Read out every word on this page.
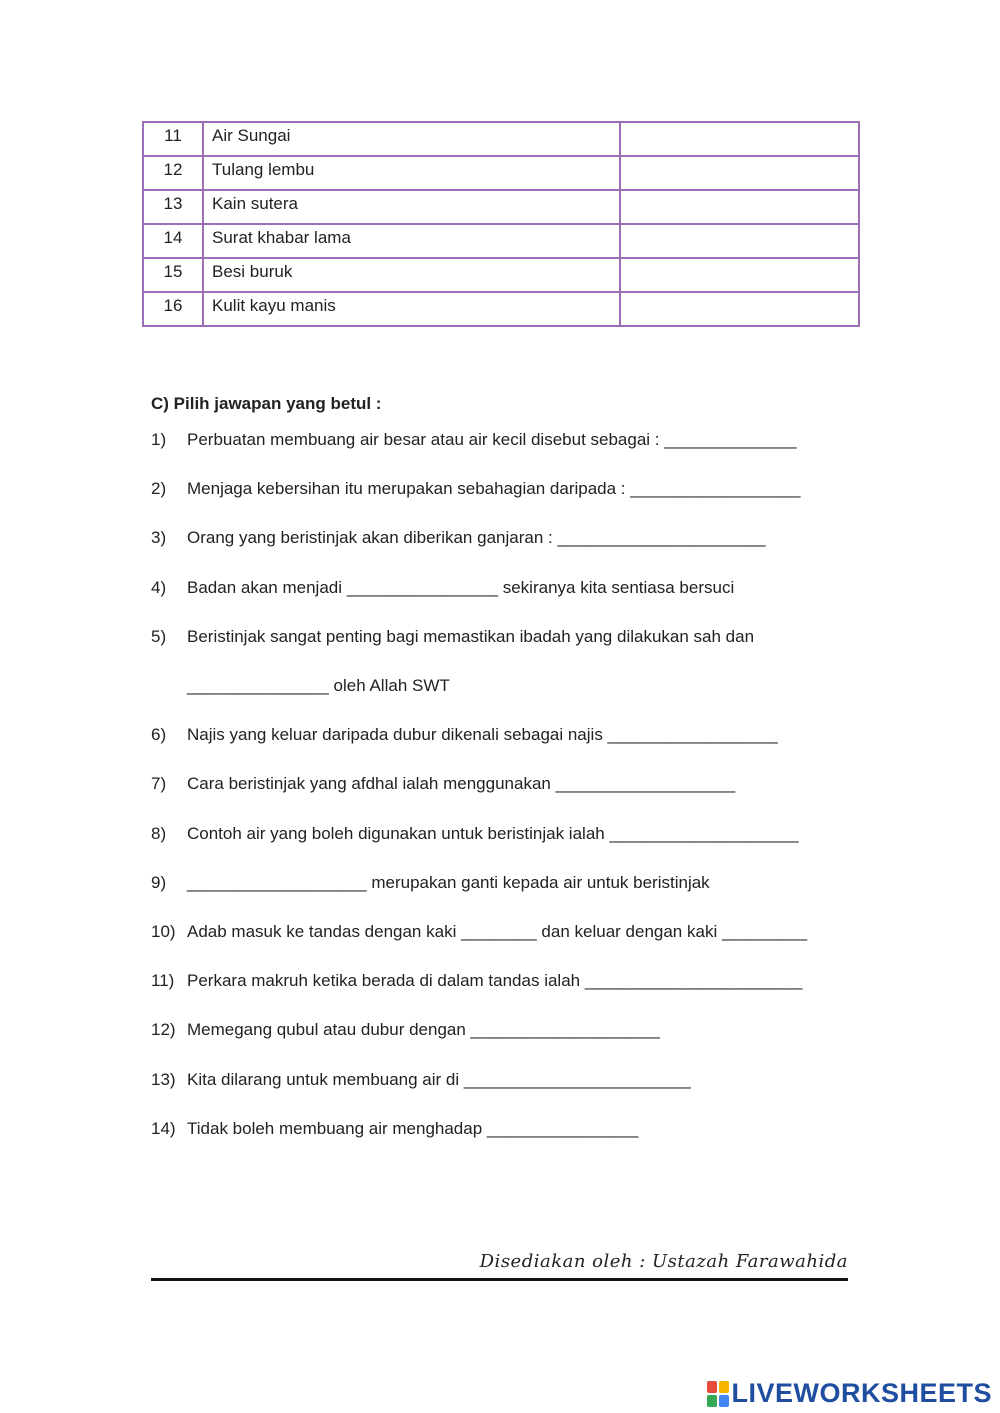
11	Air Sungai	
12	Tulang lembu	
13	Kain sutera	
14	Surat khabar lama	
15	Besi buruk	
16	Kulit kayu manis	
C) Pilih jawapan yang betul :
1) Perbuatan membuang air besar atau air kecil disebut sebagai : ______________
2) Menjaga kebersihan itu merupakan sebahagian daripada : __________________
3) Orang yang beristinjak akan diberikan ganjaran : ______________________
4) Badan akan menjadi ________________ sekiranya kita sentiasa bersuci
5) Beristinjak sangat penting bagi memastikan ibadah yang dilakukan sah dan
_______________ oleh Allah SWT
6) Najis yang keluar daripada dubur dikenali sebagai najis __________________
7) Cara beristinjak yang afdhal ialah menggunakan ___________________
8) Contoh air yang boleh digunakan untuk beristinjak ialah ____________________
9) ___________________ merupakan ganti kepada air untuk beristinjak
10) Adab masuk ke tandas dengan kaki ________ dan keluar dengan kaki _________
11) Perkara makruh ketika berada di dalam tandas ialah _______________________
12) Memegang qubul atau dubur dengan ____________________
13) Kita dilarang untuk membuang air di ________________________
14) Tidak boleh membuang air menghadap ________________
Disediakan oleh : Ustazah Farawahida
LIVEWORKSHEETS
